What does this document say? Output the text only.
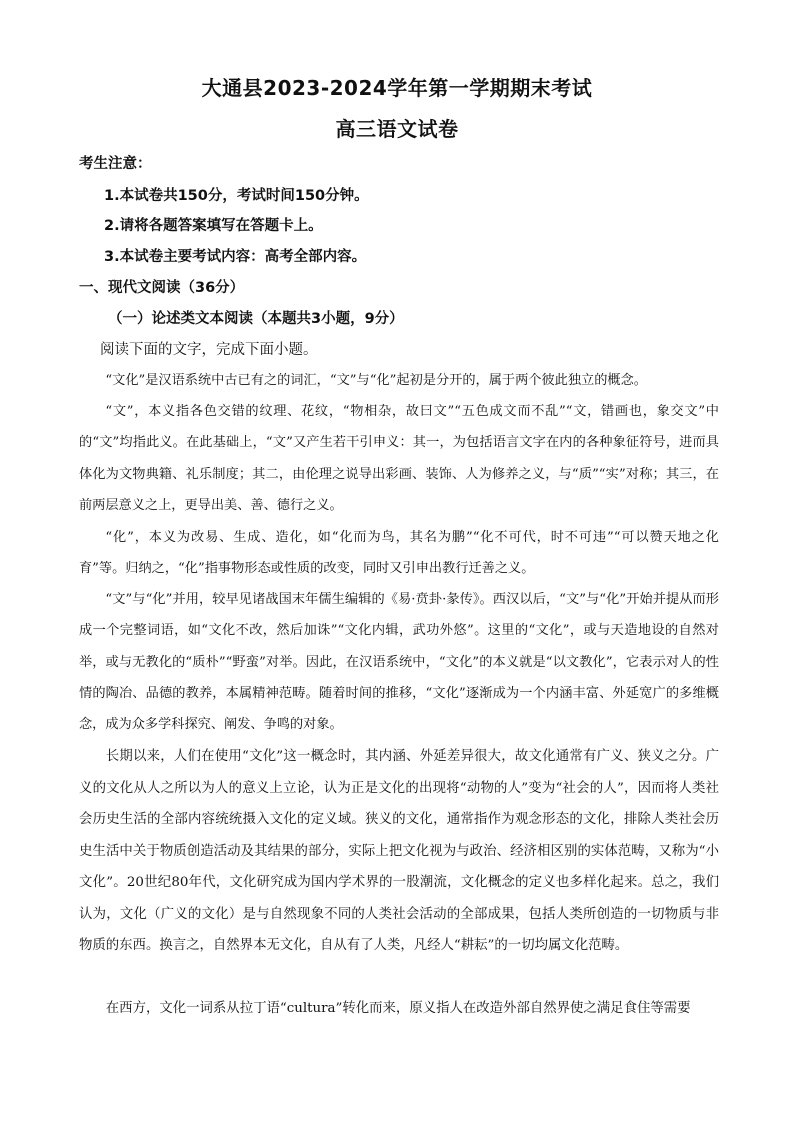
大通县2023-2024学年第一学期期末考试
高三语文试卷
考生注意：
1.本试卷共150分，考试时间150分钟。
2.请将各题答案填写在答题卡上。
3.本试卷主要考试内容：高考全部内容。
一、现代文阅读（36分）
（一）论述类文本阅读（本题共3小题，9分）
阅读下面的文字，完成下面小题。

“文化”是汉语系统中古已有之的词汇，“文”与“化”起初是分开的，属于两个彼此独立的概念。

“文”，本义指各色交错的纹理、花纹，“物相杂，故曰文”“五色成文而不乱”“文，错画也，象交文”中的“文”均指此义。在此基础上，“文”又产生若干引申义：其一，为包括语言文字在内的各种象征符号，进而具体化为文物典籍、礼乐制度；其二，由伦理之说导出彩画、装饰、人为修养之义，与“质”“实”对称；其三，在前两层意义之上，更导出美、善、德行之义。

“化”，本义为改易、生成、造化，如“化而为鸟，其名为鹏”“化不可代，时不可违”“可以赞天地之化育”等。归纳之，“化”指事物形态或性质的改变，同时又引申出教行迁善之义。

“文”与“化”并用，较早见诸战国末年儒生编辑的《易·贲卦·彖传》。西汉以后，“文”与“化”开始并提从而形成一个完整词语，如“文化不改，然后加诛”“文化内辑，武功外悠”。这里的“文化”，或与天造地设的自然对举，或与无教化的“质朴”“野蛮”对举。因此，在汉语系统中，“文化”的本义就是“以文教化”，它表示对人的性情的陶冶、品德的教养，本属精神范畴。随着时间的推移，“文化”逐渐成为一个内涵丰富、外延宽广的多维概念，成为众多学科探究、阐发、争鸣的对象。

长期以来，人们在使用“文化”这一概念时，其内涵、外延差异很大，故文化通常有广义、狭义之分。广义的文化从人之所以为人的意义上立论，认为正是文化的出现将“动物的人”变为“社会的人”，因而将人类社会历史生活的全部内容统统摄入文化的定义域。狭义的文化，通常指作为观念形态的文化，排除人类社会历史生活中关于物质创造活动及其结果的部分，实际上把文化视为与政治、经济相区别的实体范畴，又称为“小文化”。20世纪80年代，文化研究成为国内学术界的一股潮流，文化概念的定义也多样化起来。总之，我们认为，文化（广义的文化）是与自然现象不同的人类社会活动的全部成果，包括人类所创造的一切物质与非物质的东西。换言之，自然界本无文化，自从有了人类，凡经人“耕耘”的一切均属文化范畴。

在西方，文化一词系从拉丁语“cultura”转化而来，原义指人在改造外部自然界使之满足食住等需要
